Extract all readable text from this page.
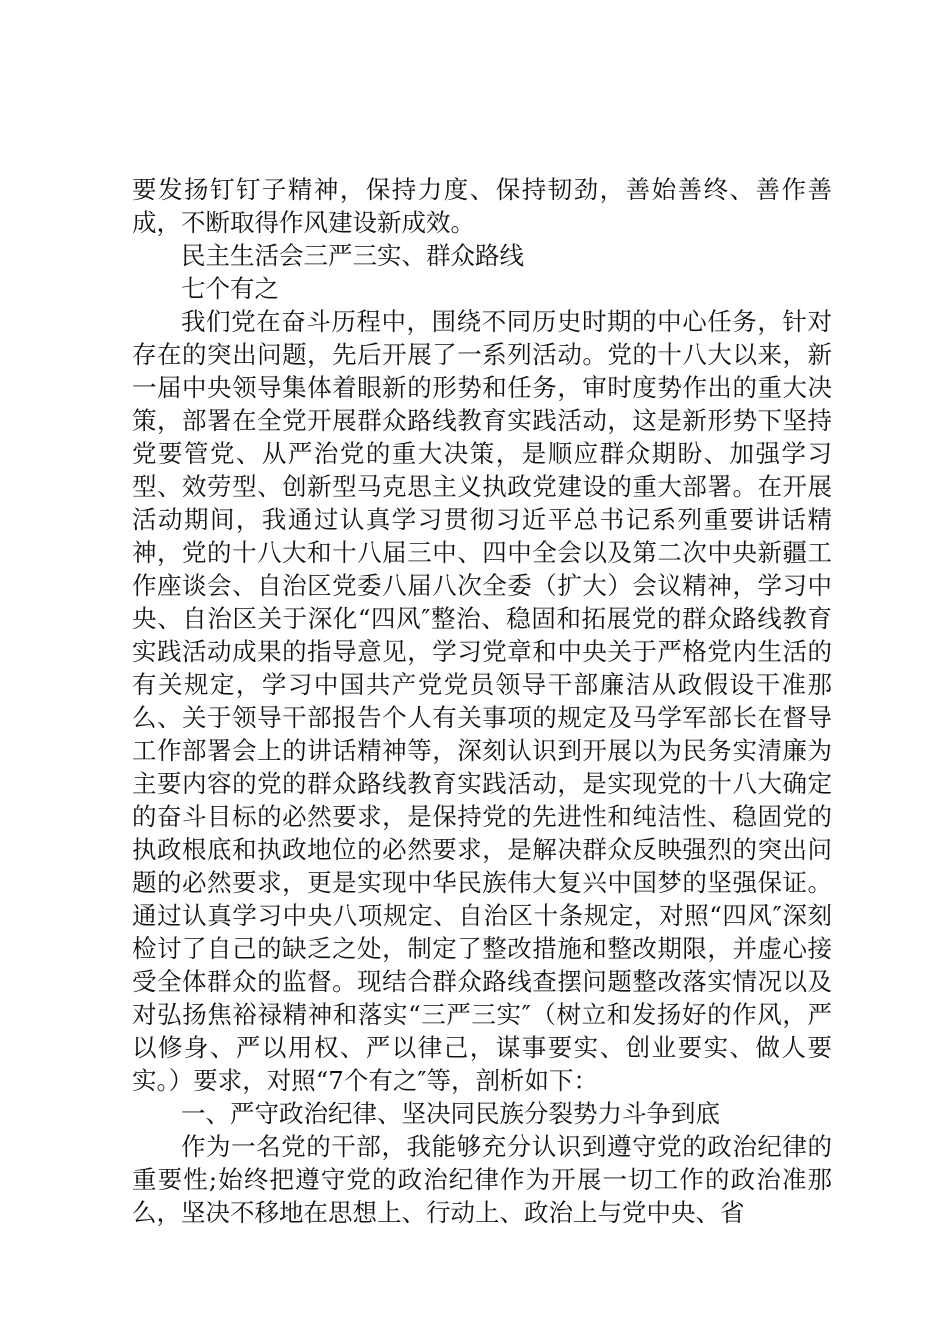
要发扬钉钉子精神，保持力度、保持韧劲，善始善终、善作善成，不断取得作风建设新成效。

民主生活会三严三实、群众路线

七个有之

我们党在奋斗历程中，围绕不同历史时期的中心任务，针对存在的突出问题，先后开展了一系列活动。党的十八大以来，新一届中央领导集体着眼新的形势和任务，审时度势作出的重大决策，部署在全党开展群众路线教育实践活动，这是新形势下坚持党要管党、从严治党的重大决策，是顺应群众期盼、加强学习型、效劳型、创新型马克思主义执政党建设的重大部署。在开展活动期间，我通过认真学习贯彻习近平总书记系列重要讲话精神，党的十八大和十八届三中、四中全会以及第二次中央新疆工作座谈会、自治区党委八届八次全委（扩大）会议精神，学习中央、自治区关于深化“四风″整治、稳固和拓展党的群众路线教育实践活动成果的指导意见，学习党章和中央关于严格党内生活的有关规定，学习中国共产党党员领导干部廉洁从政假设干准那么、关于领导干部报告个人有关事项的规定及马学军部长在督导工作部署会上的讲话精神等，深刻认识到开展以为民务实清廉为主要内容的党的群众路线教育实践活动，是实现党的十八大确定的奋斗目标的必然要求，是保持党的先进性和纯洁性、稳固党的执政根底和执政地位的必然要求，是解决群众反映强烈的突出问题的必然要求，更是实现中华民族伟大复兴中国梦的坚强保证。通过认真学习中央八项规定、自治区十条规定，对照“四风″深刻检讨了自己的缺乏之处，制定了整改措施和整改期限，并虚心接受全体群众的监督。现结合群众路线查摆问题整改落实情况以及对弘扬焦裕禄精神和落实“三严三实″（树立和发扬好的作风，严以修身、严以用权、严以律己，谋事要实、创业要实、做人要实。）要求，对照“7个有之″等，剖析如下：

一、严守政治纪律、坚决同民族分裂势力斗争到底

作为一名党的干部，我能够充分认识到遵守党的政治纪律的重要性;始终把遵守党的政治纪律作为开展一切工作的政治准那么，坚决不移地在思想上、行动上、政治上与党中央、省
